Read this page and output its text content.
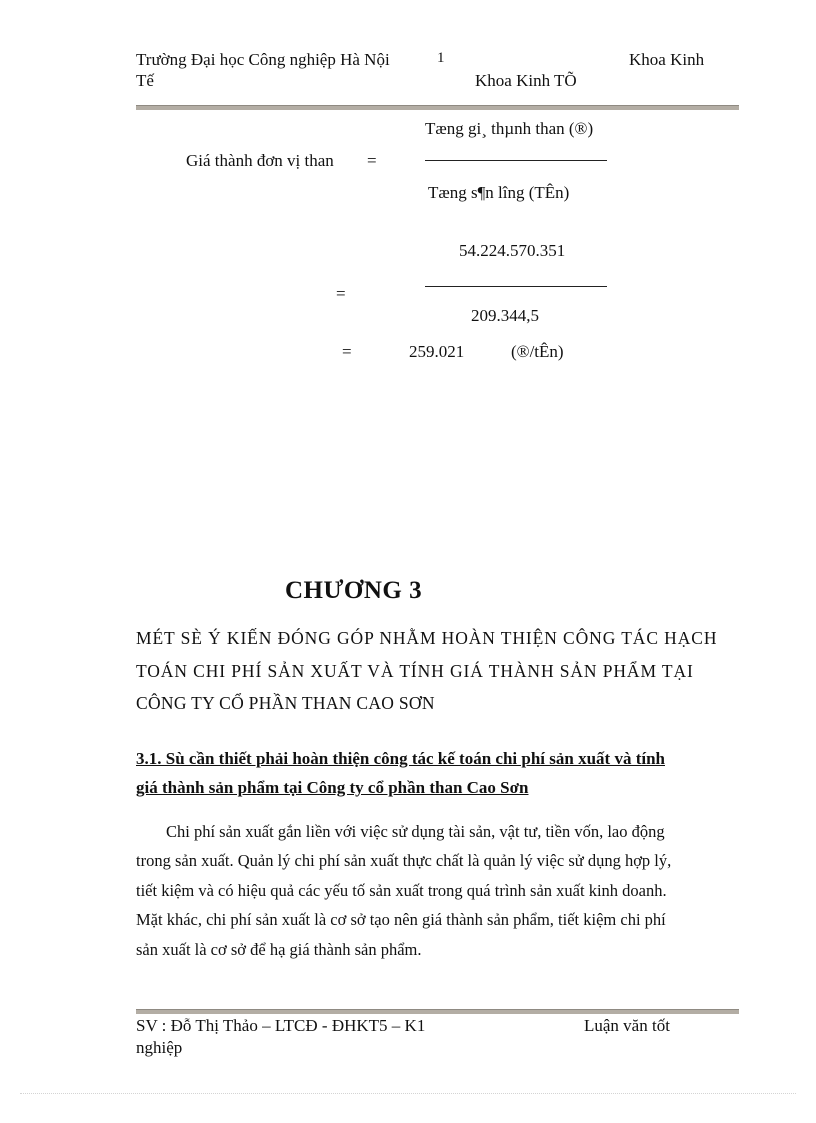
Trường Đại học Công nghiệp Hà Nội	1	Khoa Kinh
Tế	Khoa Kinh TÕ
Tæng gi¸ thµnh than (®)
Giá thành đơn vị than =
Tæng s¶n lîng (TÊn)
54.224.570.351
=
209.344,5
=	259.021	(®/tÊn)
CHƯƠNG 3
MÉT SÈ Ý KIẾN ĐÓNG GÓP NHẰM HOÀN THIỆN CÔNG TÁC HẠCH
TOÁN CHI PHÍ SẢN XUẤT VÀ TÍNH GIÁ THÀNH SẢN PHẨM TẠI
CÔNG TY CỔ PHẦN THAN CAO SƠN
3.1. Sù cần thiết phải hoàn thiện công tác kế toán chi phí sản xuất và tính
giá thành sản phẩm tại Công ty cổ phần than Cao Sơn
Chi phí sản xuất gắn liền với việc sử dụng tài sản, vật tư, tiền vốn, lao động
trong sản xuất. Quản lý chi phí sản xuất thực chất là quản lý việc sử dụng hợp lý,
tiết kiệm và có hiệu quả các yếu tố sản xuất trong quá trình sản xuất kinh doanh.
Mặt khác, chi phí sản xuất là cơ sở tạo nên giá thành sản phẩm, tiết kiệm chi phí
sản xuất là cơ sở để hạ giá thành sản phẩm.
SV : Đỗ Thị Thảo – LTCĐ - ĐHKT5 – K1	Luận văn tốt
nghiệp
